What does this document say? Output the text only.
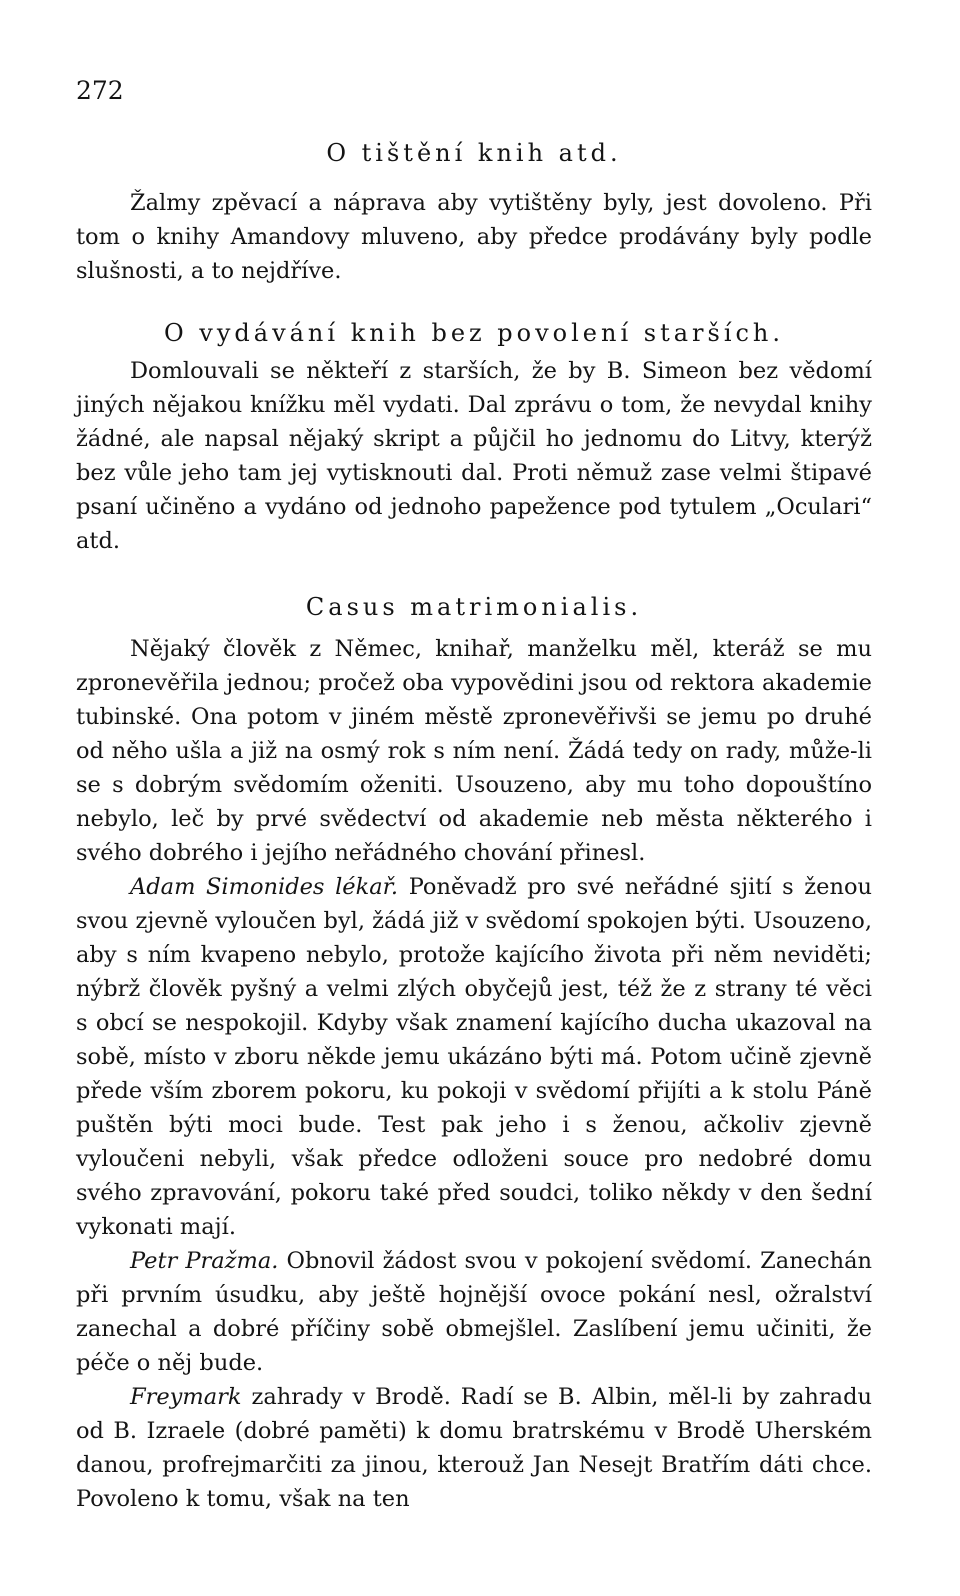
272
O tištění knih atd.

Žalmy zpěvací a náprava aby vytištěny byly, jest dovoleno. Při tom o knihy Amandovy mluveno, aby předce prodávány byly podle slušnosti, a to nejdříve.

O vydávání knih bez povolení starších.

Domlouvali se někteří z starších, že by B. Simeon bez vědomí jiných nějakou knížku měl vydati. Dal zprávu o tom, že nevydal knihy žádné, ale napsal nějaký skript a půjčil ho jednomu do Litvy, kterýž bez vůle jeho tam jej vytisknouti dal. Proti němuž zase velmi štipavé psaní učiněno a vydáno od jednoho papežence pod tytulem „Oculari“ atd.

Casus matrimonialis.

Nějaký člověk z Němec, knihař, manželku měl, kteráž se mu zpronevěřila jednou; pročež oba vypovědini jsou od rektora akademie tubinské. Ona potom v jiném městě zpronevěřivši se jemu po druhé od něho ušla a již na osmý rok s ním není. Žádá tedy on rady, může-li se s dobrým svědomím oženiti. Usouzeno, aby mu toho dopouštíno nebylo, leč by prvé svědectví od akademie neb města některého i svého dobrého i jejího neřádného chování přinesl.

Adam Simonides lékař. Poněvadž pro své neřádné sjití s ženou svou zjevně vyloučen byl, žádá již v svědomí spokojen býti. Usouzeno, aby s ním kvapeno nebylo, protože kajícího života při něm neviděti; nýbrž člověk pyšný a velmi zlých obyčejů jest, též že z strany té věci s obcí se nespokojil. Kdyby však znamení kajícího ducha ukazoval na sobě, místo v zboru někde jemu ukázáno býti má. Potom učině zjevně přede vším zborem pokoru, ku pokoji v svědomí přijíti a k stolu Páně puštěn býti moci bude. Test pak jeho i s ženou, ačkoliv zjevně vyloučeni nebyli, však předce odloženi souce pro nedobré domu svého zpravování, pokoru také před soudci, toliko někdy v den šední vykonati mají.

Petr Pražma. Obnovil žádost svou v pokojení svědomí. Zanechán při prvním úsudku, aby ještě hojnější ovoce pokání nesl, ožralství zanechal a dobré příčiny sobě obmejšlel. Zaslíbení jemu učiniti, že péče o něj bude.

Freymark zahrady v Brodě. Radí se B. Albin, měl-li by zahradu od B. Izraele (dobré paměti) k domu bratrskému v Brodě Uherském danou, profrejmarčiti za jinou, kterouž Jan Nesejt Bratřím dáti chce. Povoleno k tomu, však na ten
